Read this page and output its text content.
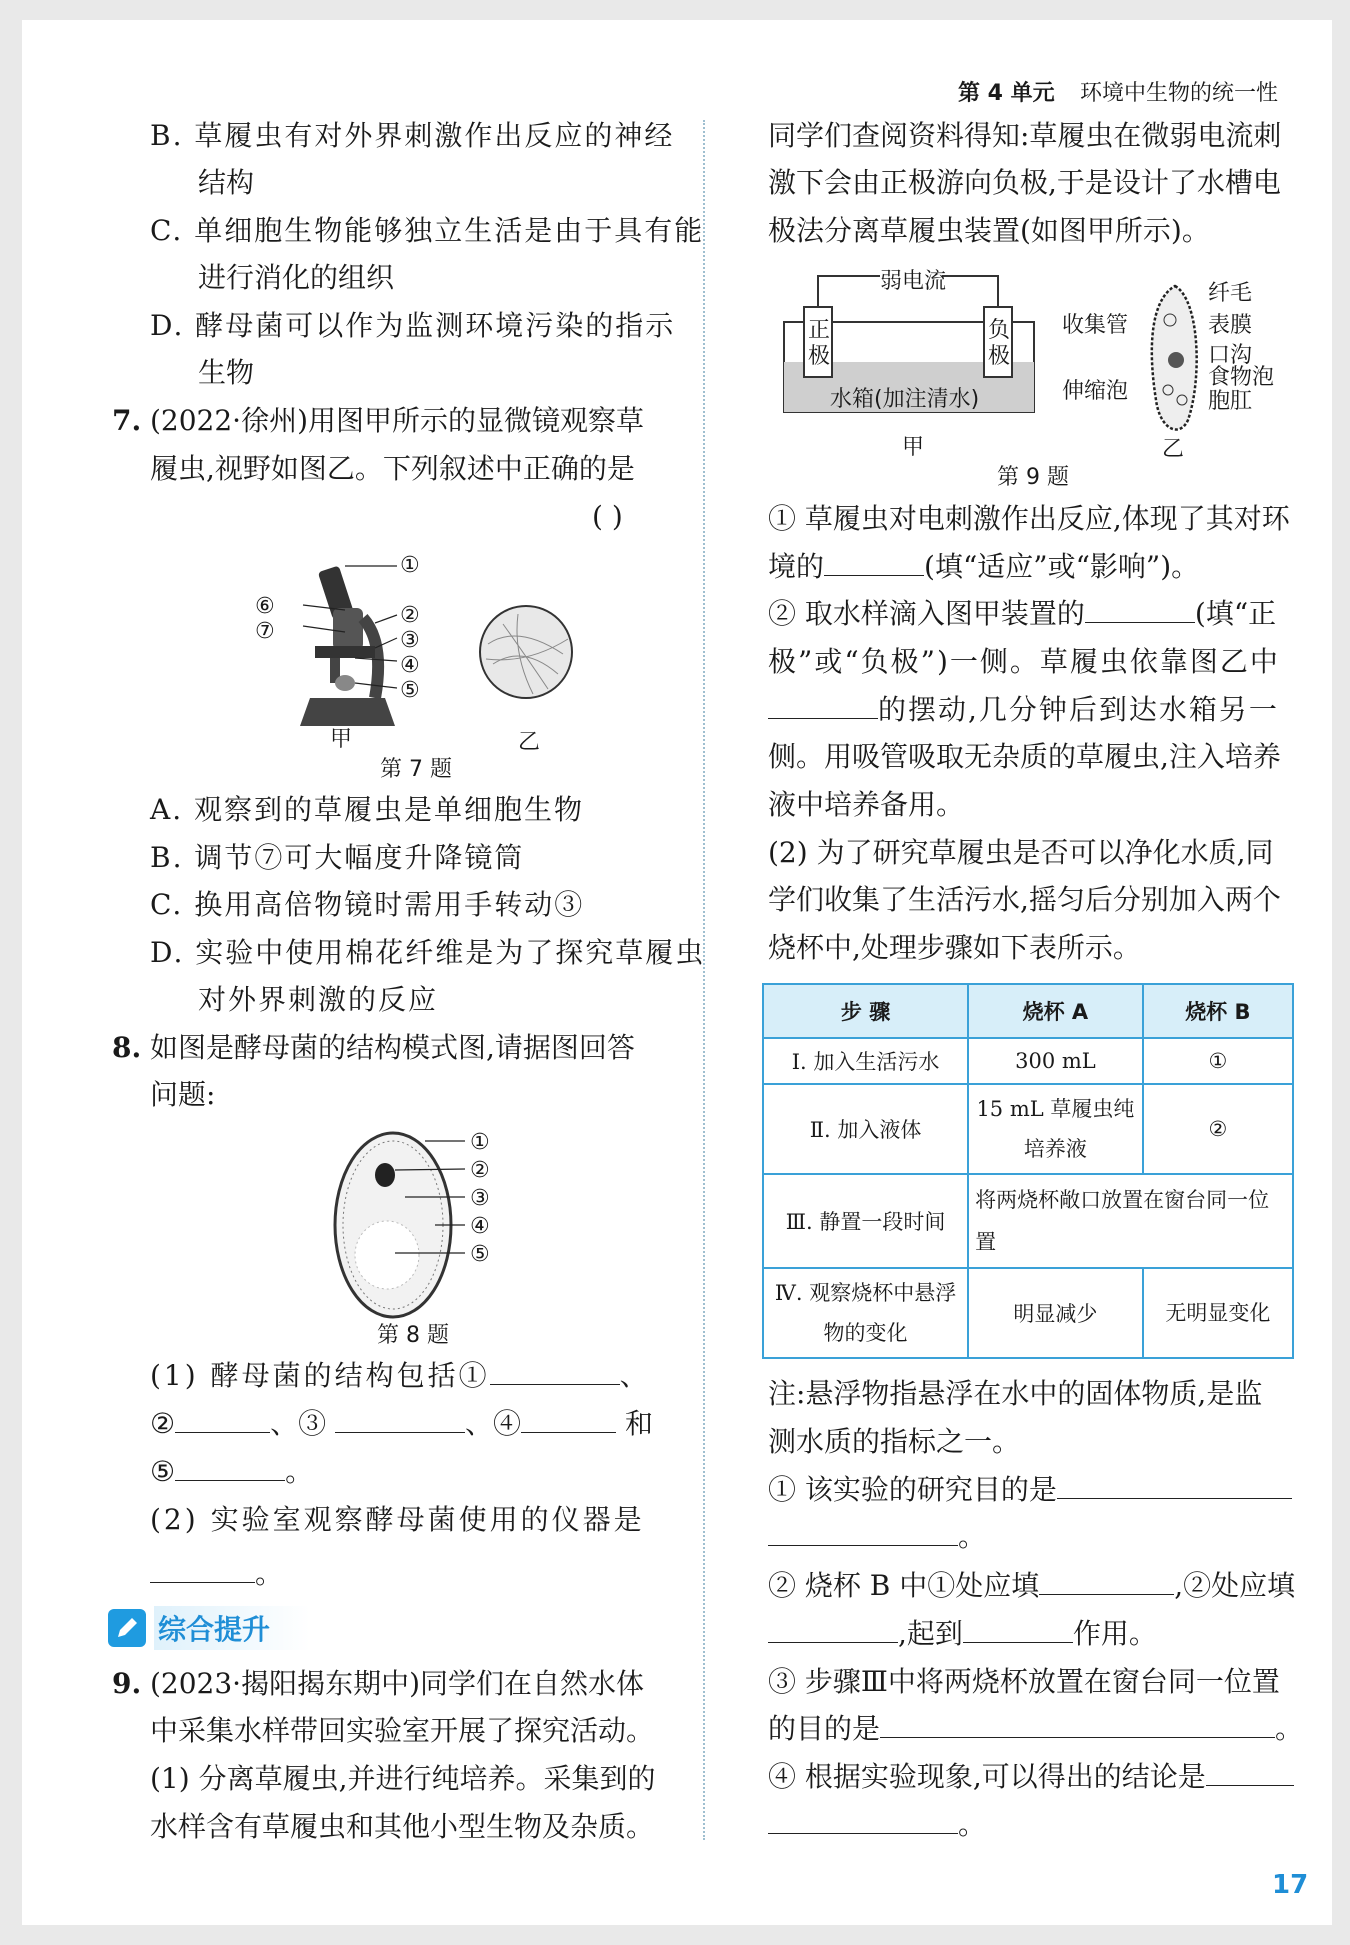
第 4 单元 环境中生物的统一性
B. 草履虫有对外界刺激作出反应的神经
结构
C. 单细胞生物能够独立生活是由于具有能
进行消化的组织
D. 酵母菌可以作为监测环境污染的指示
生物
7. (2022·徐州)用图甲所示的显微镜观察草
履虫,视野如图乙。下列叙述中正确的是
( )
①
②
③
④
⑤
⑥
⑦
甲	乙
第 7 题
A. 观察到的草履虫是单细胞生物
B. 调节⑦可大幅度升降镜筒
C. 换用高倍物镜时需用手转动③
D. 实验中使用棉花纤维是为了探究草履虫
对外界刺激的反应
8. 如图是酵母菌的结构模式图,请据图回答
问题:
①
②
③
④
⑤
第 8 题
(1) 酵母菌的结构包括①	、
②	、③	、④	和
⑤	。
(2) 实验室观察酵母菌使用的仪器是
。
综合提升
9. (2023·揭阳揭东期中)同学们在自然水体
中采集水样带回实验室开展了探究活动。
(1) 分离草履虫,并进行纯培养。采集到的
水样含有草履虫和其他小型生物及杂质。
同学们查阅资料得知:草履虫在微弱电流刺
激下会由正极游向负极,于是设计了水槽电
极法分离草履虫装置(如图甲所示)。
弱电流
正极
负极
水箱(加注清水)
甲
收集管
伸缩泡
纤毛
表膜
口沟
食物泡
胞肛
乙
第 9 题
① 草履虫对电刺激作出反应,体现了其对环
境的	(填“适应”或“影响”)。
② 取水样滴入图甲装置的	(填“正
极”或“负极”)一侧。草履虫依靠图乙中
的摆动,几分钟后到达水箱另一
侧。用吸管吸取无杂质的草履虫,注入培养
液中培养备用。
(2) 为了研究草履虫是否可以净化水质,同
学们收集了生活污水,摇匀后分别加入两个
烧杯中,处理步骤如下表所示。
步 骤	烧杯 A	烧杯 B
Ⅰ. 加入生活污水	300 mL	①
Ⅱ. 加入液体	15 mL 草履虫纯培养液	②
Ⅲ. 静置一段时间	将两烧杯敞口放置在窗台同一位置	
Ⅳ. 观察烧杯中悬浮物的变化	明显减少	无明显变化
注:悬浮物指悬浮在水中的固体物质,是监
测水质的指标之一。
① 该实验的研究目的是
。
② 烧杯 B 中①处应填	,②处应填
,起到	作用。
③ 步骤Ⅲ中将两烧杯放置在窗台同一位置
的目的是	。
④ 根据实验现象,可以得出的结论是
。
17
